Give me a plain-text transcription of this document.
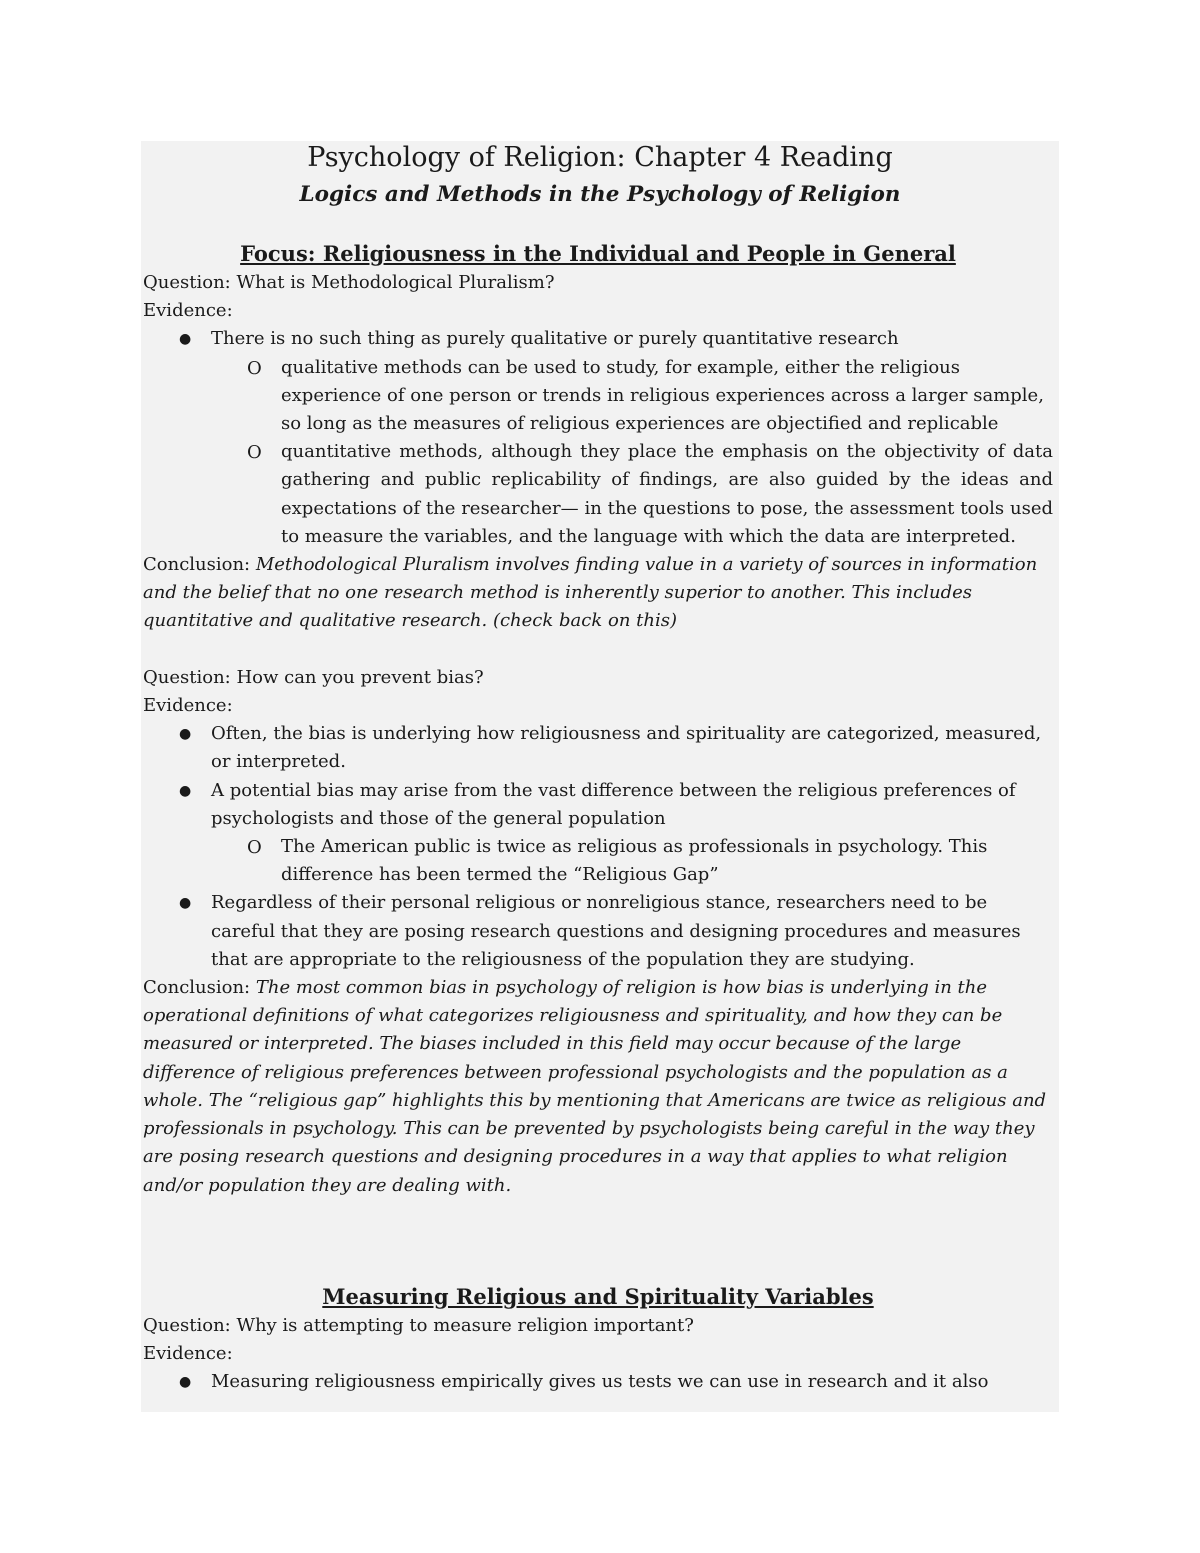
Psychology of Religion: Chapter 4 Reading
Logics and Methods in the Psychology of Religion
Focus: Religiousness in the Individual and People in General

Question: What is Methodological Pluralism?

Evidence:

● There is no such thing as purely qualitative or purely quantitative research
O qualitative methods can be used to study, for example, either the religious experience of one person or trends in religious experiences across a larger sample, so long as the measures of religious experiences are objectified and replicable
O quantitative methods, although they place the emphasis on the objectivity of data gathering and public replicability of findings, are also guided by the ideas and expectations of the researcher— in the questions to pose, the assessment tools used to measure the variables, and the language with which the data are interpreted.

Conclusion: Methodological Pluralism involves finding value in a variety of sources in information and the belief that no one research method is inherently superior to another. This includes quantitative and qualitative research. (check back on this)

Question: How can you prevent bias?

Evidence:

● Often, the bias is underlying how religiousness and spirituality are categorized, measured, or interpreted.
● A potential bias may arise from the vast difference between the religious preferences of psychologists and those of the general population
O The American public is twice as religious as professionals in psychology. This difference has been termed the “Religious Gap”
● Regardless of their personal religious or nonreligious stance, researchers need to be careful that they are posing research questions and designing procedures and measures that are appropriate to the religiousness of the population they are studying.

Conclusion: The most common bias in psychology of religion is how bias is underlying in the operational definitions of what categorizes religiousness and spirituality, and how they can be measured or interpreted. The biases included in this field may occur because of the large difference of religious preferences between professional psychologists and the population as a whole. The “religious gap” highlights this by mentioning that Americans are twice as religious and professionals in psychology. This can be prevented by psychologists being careful in the way they are posing research questions and designing procedures in a way that applies to what religion and/or population they are dealing with.

Measuring Religious and Spirituality Variables

Question: Why is attempting to measure religion important?

Evidence:

● Measuring religiousness empirically gives us tests we can use in research and it also
